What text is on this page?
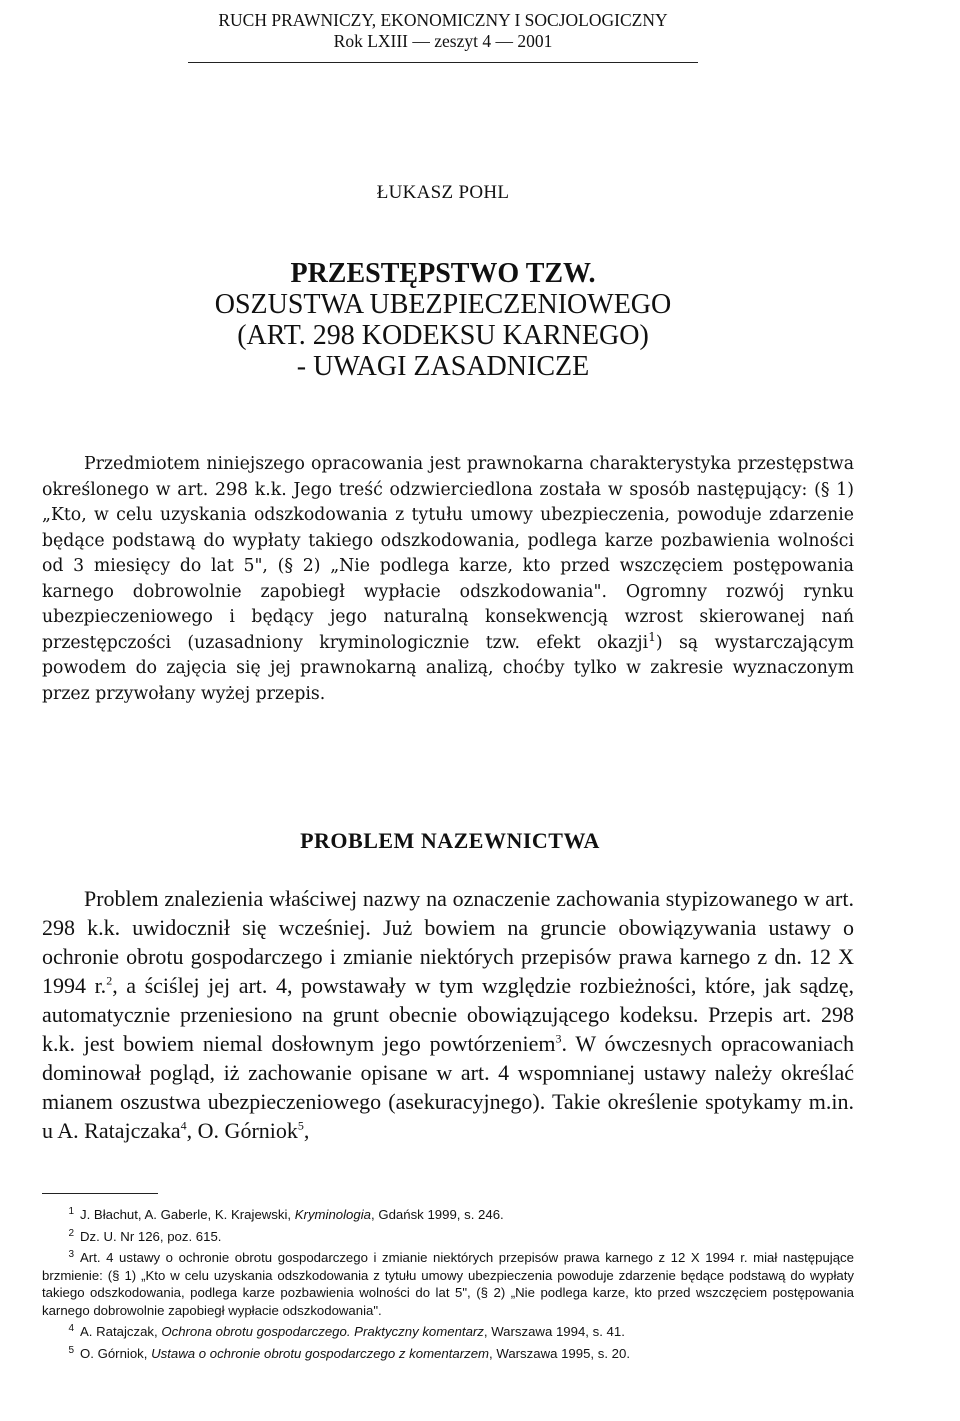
RUCH PRAWNICZY, EKONOMICZNY I SOCJOLOGICZNY
Rok LXIII — zeszyt 4 — 2001
ŁUKASZ POHL
PRZESTĘPSTWO TZW.
OSZUSTWA UBEZPIECZENIOWEGO
(ART. 298 KODEKSU KARNEGO)
- UWAGI ZASADNICZE
Przedmiotem niniejszego opracowania jest prawnokarna charakterystyka przestępstwa określonego w art. 298 k.k. Jego treść odzwierciedlona została w sposób następujący: (§ 1) „Kto, w celu uzyskania odszkodowania z tytułu umowy ubezpieczenia, powoduje zdarzenie będące podstawą do wypłaty takiego odszkodowania, podlega karze pozbawienia wolności od 3 miesięcy do lat 5", (§ 2) „Nie podlega karze, kto przed wszczęciem postępowania karnego dobrowolnie zapobiegł wypłacie odszkodowania". Ogromny rozwój rynku ubezpieczeniowego i będący jego naturalną konsekwencją wzrost skierowanej nań przestępczości (uzasadniony kryminologicznie tzw. efekt okazji$^1$) są wystarczającym powodem do zajęcia się jej prawnokarną analizą, choćby tylko w zakresie wyznaczonym przez przywołany wyżej przepis.
PROBLEM NAZEWNICTWA
Problem znalezienia właściwej nazwy na oznaczenie zachowania stypizowanego w art. 298 k.k. uwidocznił się wcześniej. Już bowiem na gruncie obowiązywania ustawy o ochronie obrotu gospodarczego i zmianie niektórych przepisów prawa karnego z dn. 12 X 1994 r.$^2$, a ściślej jej art. 4, powstawały w tym względzie rozbieżności, które, jak sądzę, automatycznie przeniesiono na grunt obecnie obowiązującego kodeksu. Przepis art. 298 k.k. jest bowiem niemal dosłownym jego powtórzeniem$^3$. W ówczesnych opracowaniach dominował pogląd, iż zachowanie opisane w art. 4 wspomnianej ustawy należy określać mianem oszustwa ubezpieczeniowego (asekuracyjnego). Takie określenie spotykamy m.in. u A. Ratajczaka$^4$, O. Górniok$^5$,
1 J. Błachut, A. Gaberle, K. Krajewski, Kryminologia, Gdańsk 1999, s. 246.
2 Dz. U. Nr 126, poz. 615.
3 Art. 4 ustawy o ochronie obrotu gospodarczego i zmianie niektórych przepisów prawa karnego z 12 X 1994 r. miał następujące brzmienie: (§ 1) „Kto w celu uzyskania odszkodowania z tytułu umowy ubezpieczenia powoduje zdarzenie będące podstawą do wypłaty takiego odszkodowania, podlega karze pozbawienia wolności do lat 5", (§ 2) „Nie podlega karze, kto przed wszczęciem postępowania karnego dobrowolnie zapobiegł wypłacie odszkodowania".
4 A. Ratajczak, Ochrona obrotu gospodarczego. Praktyczny komentarz, Warszawa 1994, s. 41.
5 O. Górniok, Ustawa o ochronie obrotu gospodarczego z komentarzem, Warszawa 1995, s. 20.
